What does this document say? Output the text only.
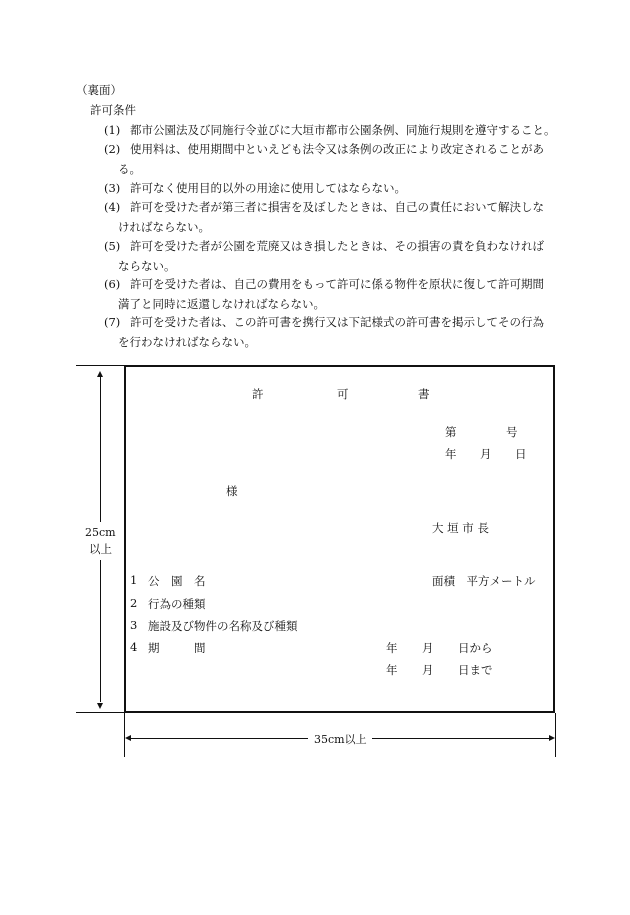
（裏面）
許可条件
(1) 都市公園法及び同施行令並びに大垣市都市公園条例、同施行規則を遵守すること。
(2) 使用料は、使用期間中といえども法令又は条例の改正により改定されることがあ
る。
(3) 許可なく使用目的以外の用途に使用してはならない。
(4) 許可を受けた者が第三者に損害を及ぼしたときは、自己の責任において解決しな
ければならない。
(5) 許可を受けた者が公園を荒廃又はき損したときは、その損害の責を負わなければ
ならない。
(6) 許可を受けた者は、自己の費用をもって許可に係る物件を原状に復して許可期間
満了と同時に返還しなければならない。
(7) 許可を受けた者は、この許可書を携行又は下記様式の許可書を掲示してその行為
を行わなければならない。
25cm
以上
35cm以上
許	可	書
第	号
年 月 日
様
大 垣 市 長
1 公　園　名	面積　平方メートル
2 行為の種類
3 施設及び物件の名称及び種類
4 期　　　間	年 月 日から
年 月 日まで
